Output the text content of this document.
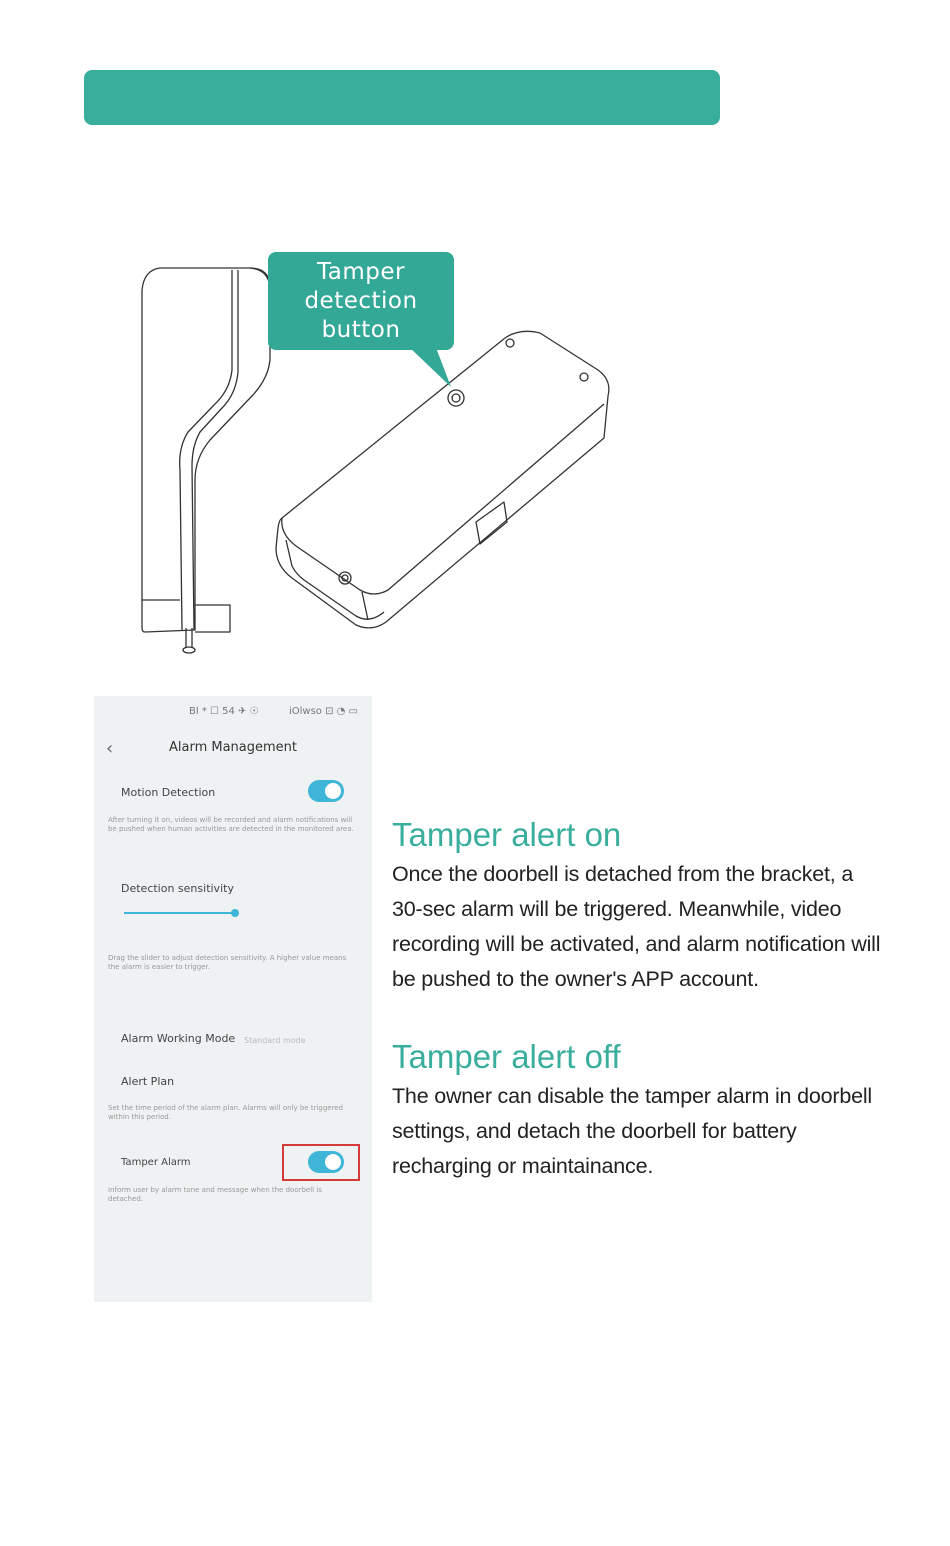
Tamper
detection
button
Bl * ☐ 54 ✈ ☉	iOlwso ⊡ ◔ ▭
‹	Alarm Management
Motion Detection
After turning it on, videos will be recorded and alarm notifications will be pushed when human activities are detected in the monitored area.
Detection sensitivity
Drag the slider to adjust detection sensitivity. A higher value means the alarm is easier to trigger.
Alarm Working Mode Standard mode
Alert Plan
Set the time period of the alarm plan. Alarms will only be triggered within this period.
Tamper Alarm
Inform user by alarm tone and message when the doorbell is detached.
Tamper alert on
Once the doorbell is detached from the bracket, a
30-sec alarm will be triggered. Meanwhile, video
recording will be activated, and alarm notification will
be pushed to the owner's APP account.
Tamper alert off
The owner can disable the tamper alarm in doorbell
settings, and detach the doorbell for battery
recharging or maintainance.
